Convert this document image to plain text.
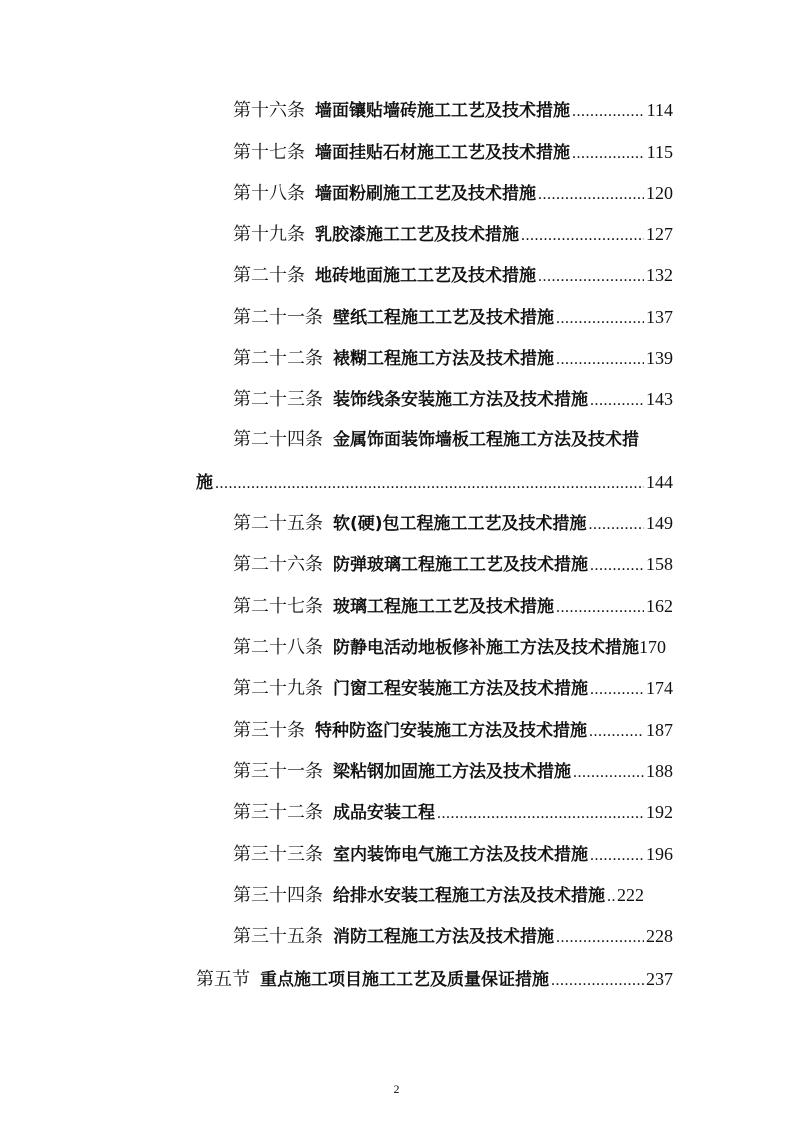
第十六条 墙面镶贴墙砖施工工艺及技术措施 .....	114
第十七条 墙面挂贴石材施工工艺及技术措施 .....	115
第十八条 墙面粉刷施工工艺及技术措施 .....	120
第十九条 乳胶漆施工工艺及技术措施 .....	127
第二十条 地砖地面施工工艺及技术措施 .....	132
第二十一条 壁纸工程施工工艺及技术措施 .....	137
第二十二条 裱糊工程施工方法及技术措施 .....	139
第二十三条 装饰线条安装施工方法及技术措施 .....	143
第二十四条 金属饰面装饰墙板工程施工方法及技术措
施 .....	144
第二十五条 软(硬)包工程施工工艺及技术措施 .....	149
第二十六条 防弹玻璃工程施工工艺及技术措施 .....	158
第二十七条 玻璃工程施工工艺及技术措施 .....	162
第二十八条 防静电活动地板修补施工方法及技术措施 170
第二十九条 门窗工程安装施工方法及技术措施 .....	174
第三十条 特种防盗门安装施工方法及技术措施 .....	187
第三十一条 梁粘钢加固施工方法及技术措施 .....	188
第三十二条 成品安装工程 .....	192
第三十三条 室内装饰电气施工方法及技术措施 .....	196
第三十四条 给排水安装工程施工方法及技术措施 ..... 222
第三十五条 消防工程施工方法及技术措施 .....	228
第五节 重点施工项目施工工艺及质量保证措施 .....	237
2
